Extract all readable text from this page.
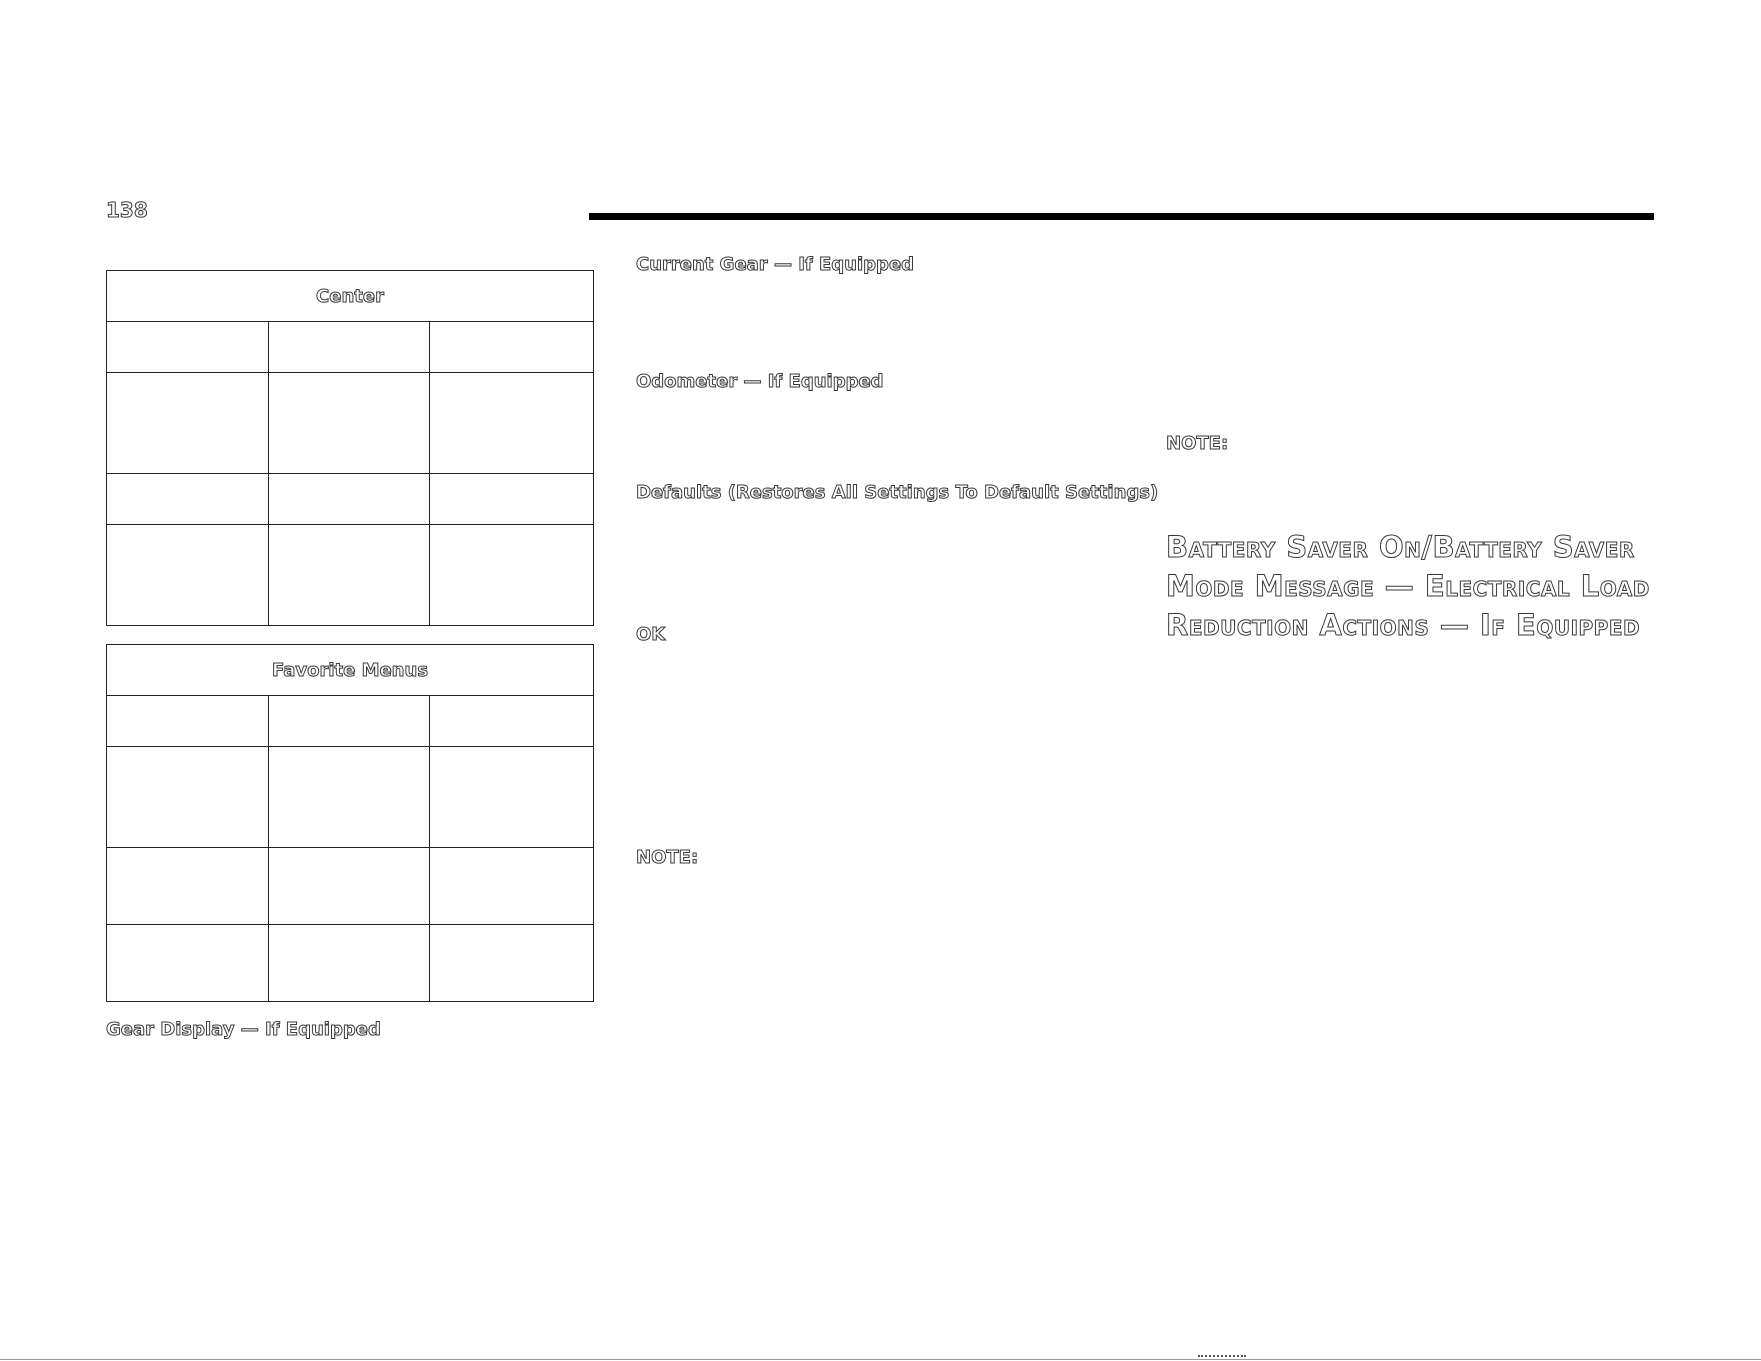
138
Center		

Favorite Menus		

Gear Display — If Equipped
Current Gear — If Equipped
Odometer — If Equipped
Defaults (Restores All Settings To Default Settings)
OK
NOTE:
NOTE:
Battery Saver On/Battery Saver Mode Message — Electrical Load Reduction Actions — If Equipped
